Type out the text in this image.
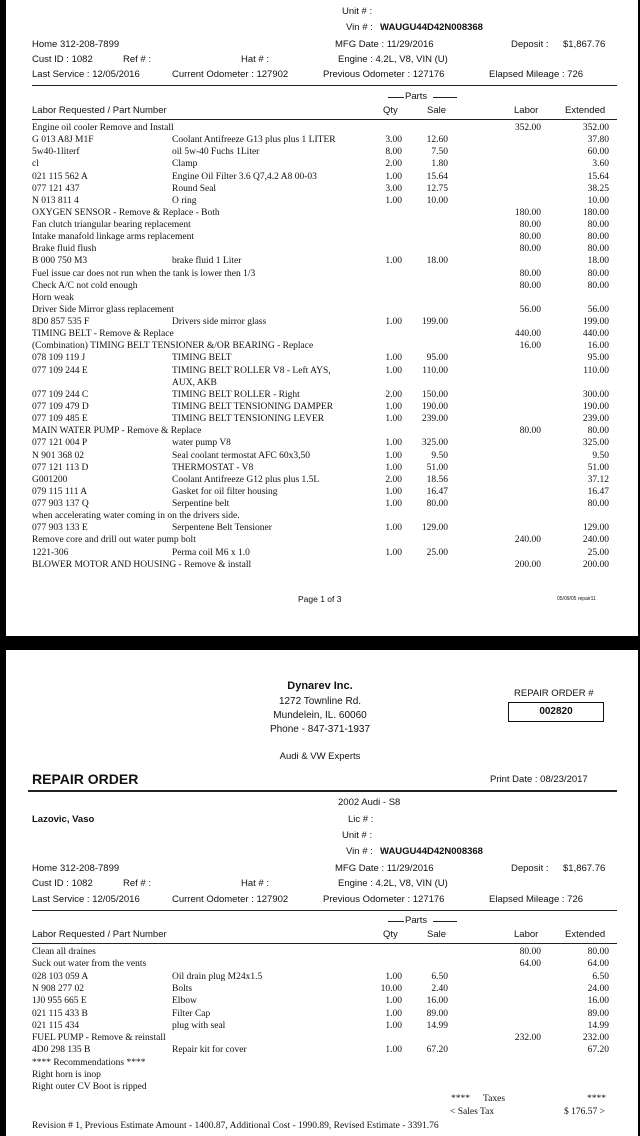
Unit # :
Vin # : WAUGU44D42N008368
Home 312-208-7899	MFG Date : 11/29/2016	Deposit : $1,867.76
Cust ID : 1082	Ref # :	Hat # :	Engine : 4.2L, V8, VIN (U)
Last Service : 12/05/2016	Current Odometer : 127902	Previous Odometer : 127176	Elapsed Mileage : 726
Parts
Labor Requested / Part Number	Qty	Sale	Labor	Extended
Engine oil cooler Remove and Install	352.00	352.00
G 013 A8J M1F	Coolant Antifreeze G13 plus plus 1 LITER	3.00	12.60	37.80
5w40-1literf	oil 5w-40 Fuchs 1Liter	8.00	7.50	60.00
cl	Clamp	2.00	1.80	3.60
021 115 562 A	Engine Oil Filter 3.6 Q7,4.2 A8 00-03	1.00	15.64	15.64
077 121 437	Round Seal	3.00	12.75	38.25
N 013 811 4	O ring	1.00	10.00	10.00
OXYGEN SENSOR - Remove & Replace - Both	180.00	180.00
Fan clutch triangular bearing replacement	80.00	80.00
Intake manafold linkage arms replacement	80.00	80.00
Brake fluid flush	80.00	80.00
B 000 750 M3	brake fluid 1 Liter	1.00	18.00	18.00
Fuel issue car does not run when the tank is lower then 1/3	80.00	80.00
Check A/C not cold enough	80.00	80.00
Horn weak
Driver Side Mirror glass replacement	56.00	56.00
8D0 857 535 F	Drivers side mirror glass	1.00 199.00	199.00
TIMING BELT - Remove & Replace	440.00	440.00
(Combination) TIMING BELT TENSIONER &/OR BEARING - Replace	16.00	16.00
078 109 119 J	TIMING BELT	1.00	95.00	95.00
077 109 244 E	TIMING BELT ROLLER V8 - Left AYS,	1.00 110.00	110.00
AUX, AKB
077 109 244 C	TIMING BELT ROLLER - Right	2.00 150.00	300.00
077 109 479 D	TIMING BELT TENSIONING DAMPER	1.00 190.00	190.00
077 109 485 E	TIMING BELT TENSIONING LEVER	1.00 239.00	239.00
MAIN WATER PUMP - Remove & Replace	80.00	80.00
077 121 004 P	water pump V8	1.00 325.00	325.00
N 901 368 02	Seal coolant termostat AFC 60x3,50	1.00	9.50	9.50
077 121 113 D	THERMOSTAT - V8	1.00	51.00	51.00
G001200	Coolant Antifreeze G12 plus plus 1.5L	2.00	18.56	37.12
079 115 111 A	Gasket for oil filter housing	1.00	16.47	16.47
077 903 137 Q	Serpentine belt	1.00	80.00	80.00
when accelerating water coming in on the drivers side.
077 903 133 E	Serpentene Belt Tensioner	1.00 129.00	129.00
Remove core and drill out water pump bolt	240.00	240.00
1221-306	Perma coil M6 x 1.0	1.00	25.00	25.00
BLOWER MOTOR AND HOUSING - Remove & install	200.00	200.00
Page 1 of 3	05/09/05 repair11
Dynarev Inc.
1272 Townline Rd.
Mundelein, IL. 60060
Phone - 847-371-1937
REPAIR ORDER #
002820
Audi & VW Experts
REPAIR ORDER	Print Date : 08/23/2017
2002 Audi - S8
Lazovic, Vaso	Lic # :
Unit # :
Vin # : WAUGU44D42N008368
Home 312-208-7899	MFG Date : 11/29/2016	Deposit : $1,867.76
Cust ID : 1082	Ref # :	Hat # :	Engine : 4.2L, V8, VIN (U)
Last Service : 12/05/2016	Current Odometer : 127902	Previous Odometer : 127176	Elapsed Mileage : 726
Parts
Labor Requested / Part Number	Qty	Sale	Labor	Extended
Clean all draines	80.00	80.00
Suck out water from the vents	64.00	64.00
028 103 059 A	Oil drain plug M24x1.5	1.00	6.50	6.50
N 908 277 02	Bolts	10.00	2.40	24.00
1J0 955 665 E	Elbow	1.00	16.00	16.00
021 115 433 B	Filter Cap	1.00	89.00	89.00
021 115 434	plug with seal	1.00	14.99	14.99
FUEL PUMP - Remove & reinstall	232.00	232.00
4D0 298 135 B	Repair kit for cover	1.00	67.20	67.20
**** Recommendations ****
Right horn is inop
Right outer CV Boot is ripped
**** Taxes	****
< Sales Tax	$ 176.57 >
Revision # 1, Previous Estimate Amount - 1400.87, Additional Cost - 1990.89, Revised Estimate - 3391.76
